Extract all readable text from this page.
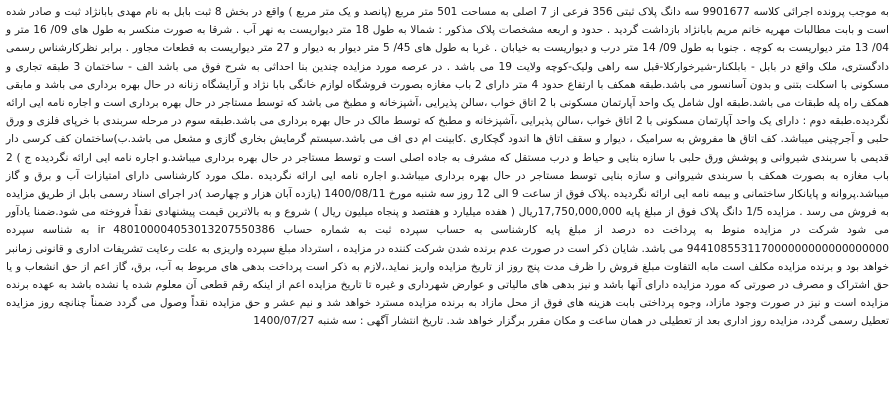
به موجب پرونده اجرائی کلاسه 9901677 سه دانگ پلاک ثبتی 356 فرعی از 7 اصلی به مساحت 501 متر مربع (پانصد و یک متر مربع ) واقع در بخش 8 ثبت بابل به نام مهدی بابانژاد ثبت و صادر شده است و بابت مطالبات مهریه خانم مریم بابانژاد بازداشت گردید . حدود و اربعه مشخصات پلاک مذکور : شمالا به طول 18 متر دیواریست به نهر آب . شرقا به صورت منکسر به طول های 09/ 16 متر و 04/ 13 متر دیواریست به کوچه . جنوبا به طول 09/ 14 متر درب و دیواریست به خیابان . غربا به طول های 45/ 5 متر دیوار به دیوار و 27 متر دیواریست به قطعات مجاور . برابر نظرکارشناس رسمی دادگستری، ملک واقع در بابل - بابلکنار-شیرخوارکلا-قبل سه راهی ولیک-کوچه ولایت 19 می باشد . در عرصه مورد مزایده چندین بنا احداثی به شرح فوق می باشد الف - ساختمان 3 طبقه تجاری و مسکونی با اسکلت بتنی و بدون آسانسور می باشد.طبقه همکف با ارتفاع حدود 4 متر دارای 2 باب مغازه بصورت فروشگاه لوازم خانگی بابا نژاد و آرایشگاه زنانه در حال بهره برداری می باشد و مابقی همکف راه پله طبقات می باشد.طبقه اول شامل یک واحد آپارتمان مسکونی با 2 اتاق خواب ،سالن پذیرایی ،آشپزخانه و مطبخ می باشد که توسط مستاجر در حال بهره برداری است و اجاره نامه ایی ارائه نگردیده.طبقه دوم : دارای یک واحد آپارتمان مسکونی با 2 اتاق خواب ،سالن پذیرایی ،آشپزخانه و مطبخ که توسط مالک در حال بهره برداری می باشد.طبقه سوم در مرحله سربندی با خرپای فلزی و ورق حلبی و آجرچینی میباشد. کف اتاق ها مفروش به سرامیک ، دیوار و سقف اتاق ها اندود گچکاری .کابینت ام دی اف می باشد.سیستم گرمایش بخاری گازی و مشعل می باشد.ب)ساختمان کف کرسی دار قدیمی با سربندی شیروانی و پوشش ورق حلبی با سازه بنایی و حیاط و درب مستقل که مشرف به جاده اصلی است و توسط مستاجر در حال بهره برداری میباشد.و اجاره نامه ایی ارائه نگردیده ج ) 2 باب مغازه به بصورت همکف با سربندی شیروانی و سازه بنایی توسط مستاجر در حال بهره برداری میباشد.و اجاره نامه ایی ارائه نگردیده .ملک مورد کارشناسی دارای امتیازات آب و برق و گاز میباشد.پروانه و پایانکار ساختمانی و بیمه نامه ایی ارائه نگردیده .پلاک فوق از ساعت 9 الی 12 روز سه شنبه مورخ 1400/08/11 (یازده آبان هزار و چهارصد )در اجرای اسناد رسمی بابل از طریق مزایده به فروش می رسد . مزایده 1/5 دانگ پلاک فوق از مبلغ پایه 17,750,000,000ریال ( هفده میلیارد و هفتصد و پنجاه میلیون ریال ) شروع و به بالاترین قیمت پیشنهادی نقداً فروخته می شود.ضمنا یادآور می شود شرکت در مزایده منوط به پرداخت ده درصد از مبلغ پایه کارشناسی به حساب سپرده ثبت به شماره حساب 4801000040530132075503​86 ir به شناسه سپرده 944108553117000000000000000000 می باشد. شایان ذکر است در صورت عدم برنده شدن شرکت کننده در مزایده ، استرداد مبلغ سپرده واریزی به علت رعایت تشریفات اداری و قانونی زمانبر خواهد بود و برنده مزایده مکلف است مابه التفاوت مبلغ فروش را ظرف مدت پنج روز از تاریخ مزایده واریز نماید.،لازم به ذکر است پرداخت بدهی های مربوط به آب، برق، گاز اعم از حق انشعاب و یا حق اشتراک و مصرف در صورتی که مورد مزایده دارای آنها باشد و نیز بدهی های مالیاتی و عوارض شهرداری و غیره تا تاریخ مزایده اعم از اینکه رقم قطعی آن معلوم شده یا نشده باشد به عهده برنده مزایده است و نیز در صورت وجود مازاد، وجوه پرداختی بابت هزینه های فوق از محل مازاد به برنده مزایده مسترد خواهد شد و نیم عشر و حق مزایده نقداً وصول می گردد ضمناً چنانچه روز مزایده تعطیل رسمی گردد، مزایده روز اداری بعد از تعطیلی در همان ساعت و مکان مقرر برگزار خواهد شد. تاریخ انتشار آگهی : سه شنبه 1400/07/27
